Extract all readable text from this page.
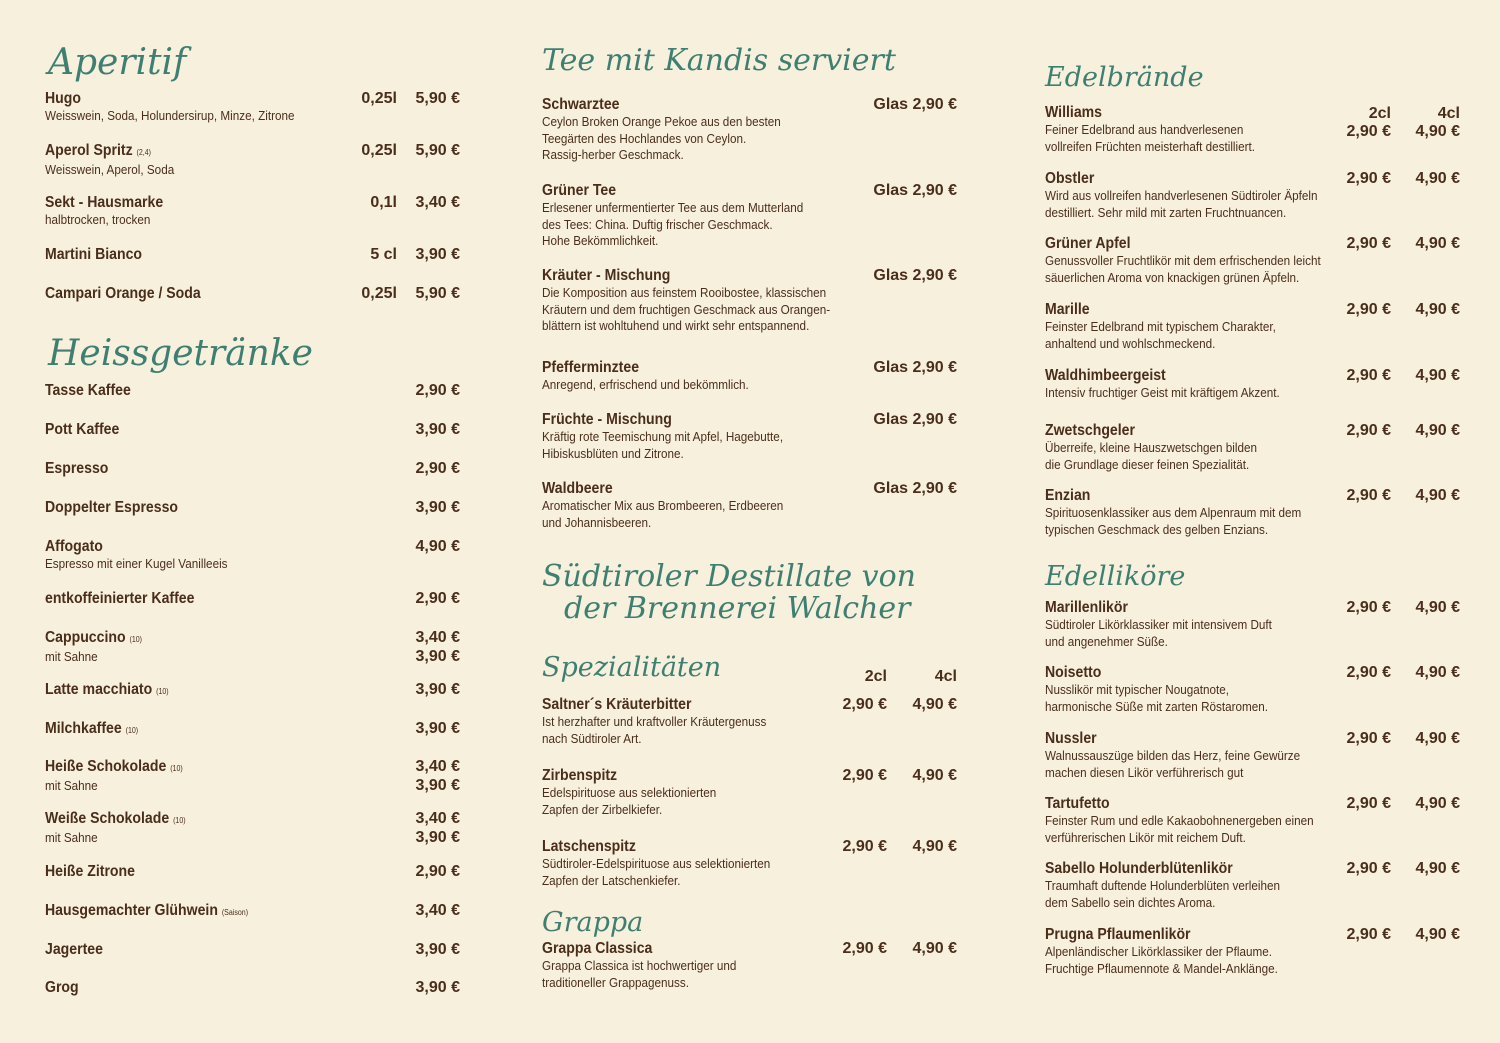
Aperitif
Hugo
Weisswein, Soda, Holundersirup, Minze, Zitrone
0,25l 5,90 €
Aperol Spritz (2,4)
Weisswein, Aperol, Soda
0,25l 5,90 €
Sekt - Hausmarke
halbtrocken, trocken
0,1l 3,40 €
Martini Bianco	5 cl 3,90 €
Campari Orange / Soda	0,25l 5,90 €
Heissgetränke
Tasse Kaffee	2,90 €
Pott Kaffee	3,90 €
Espresso	2,90 €
Doppelter Espresso	3,90 €
Affogato
Espresso mit einer Kugel Vanilleeis
4,90 €
entkoffeinierter Kaffee	2,90 €
Cappuccino (10)
mit Sahne
3,40 €
3,90 €
Latte macchiato (10)	3,90 €
Milchkaffee (10)	3,90 €
Heiße Schokolade (10)
mit Sahne
3,40 €
3,90 €
Weiße Schokolade (10)
mit Sahne
3,40 €
3,90 €
Heiße Zitrone	2,90 €
Hausgemachter Glühwein (Saison)	3,40 €
Jagertee	3,90 €
Grog	3,90 €
Tee mit Kandis serviert
Schwarztee
Ceylon Broken Orange Pekoe aus den besten
Teegärten des Hochlandes von Ceylon.
Rassig-herber Geschmack.
Glas 2,90 €
Grüner Tee
Erlesener unfermentierter Tee aus dem Mutterland
des Tees: China. Duftig frischer Geschmack.
Hohe Bekömmlichkeit.
Glas 2,90 €
Kräuter - Mischung
Die Komposition aus feinstem Rooibostee, klassischen
Kräutern und dem fruchtigen Geschmack aus Orangen-
blättern ist wohltuhend und wirkt sehr entspannend.
Glas 2,90 €
Pfefferminztee
Anregend, erfrischend und bekömmlich.
Glas 2,90 €
Früchte - Mischung
Kräftig rote Teemischung mit Apfel, Hagebutte,
Hibiskusblüten und Zitrone.
Glas 2,90 €
Waldbeere
Aromatischer Mix aus Brombeeren, Erdbeeren
und Johannisbeeren.
Glas 2,90 €
Südtiroler Destillate von
der Brennerei Walcher
Spezialitäten	2cl	4cl
Saltner´s Kräuterbitter
Ist herzhafter und kraftvoller Kräutergenuss
nach Südtiroler Art.
2,90 € 4,90 €
Zirbenspitz
Edelspirituose aus selektionierten
Zapfen der Zirbelkiefer.
2,90 € 4,90 €
Latschenspitz
Südtiroler-Edelspirituose aus selektionierten
Zapfen der Latschenkiefer.
2,90 € 4,90 €
Grappa
Grappa Classica
Grappa Classica ist hochwertiger und
traditioneller Grappagenuss.
2,90 € 4,90 €
Edelbrände
2cl	4cl
Williams
Feiner Edelbrand aus handverlesenen
vollreifen Früchten meisterhaft destilliert.
2,90 € 4,90 €
Obstler
Wird aus vollreifen handverlesenen Südtiroler Äpfeln
destilliert. Sehr mild mit zarten Fruchtnuancen.
2,90 € 4,90 €
Grüner Apfel
Genussvoller Fruchtlikör mit dem erfrischenden leicht
säuerlichen Aroma von knackigen grünen Äpfeln.
2,90 € 4,90 €
Marille
Feinster Edelbrand mit typischem Charakter,
anhaltend und wohlschmeckend.
2,90 € 4,90 €
Waldhimbeergeist
Intensiv fruchtiger Geist mit kräftigem Akzent.
2,90 € 4,90 €
Zwetschgeler
Überreife, kleine Hauszwetschgen bilden
die Grundlage dieser feinen Spezialität.
2,90 € 4,90 €
Enzian
Spirituosenklassiker aus dem Alpenraum mit dem
typischen Geschmack des gelben Enzians.
2,90 € 4,90 €
Edelliköre
Marillenlikör
Südtiroler Likörklassiker mit intensivem Duft
und angenehmer Süße.
2,90 € 4,90 €
Noisetto
Nusslikör mit typischer Nougatnote,
harmonische Süße mit zarten Röstaromen.
2,90 € 4,90 €
Nussler
Walnussauszüge bilden das Herz, feine Gewürze
machen diesen Likör verführerisch gut
2,90 € 4,90 €
Tartufetto
Feinster Rum und edle Kakaobohnenergeben einen
verführerischen Likör mit reichem Duft.
2,90 € 4,90 €
Sabello Holunderblütenlikör
Traumhaft duftende Holunderblüten verleihen
dem Sabello sein dichtes Aroma.
2,90 € 4,90 €
Prugna Pflaumenlikör
Alpenländischer Likörklassiker der Pflaume.
Fruchtige Pflaumennote & Mandel-Anklänge.
2,90 € 4,90 €
